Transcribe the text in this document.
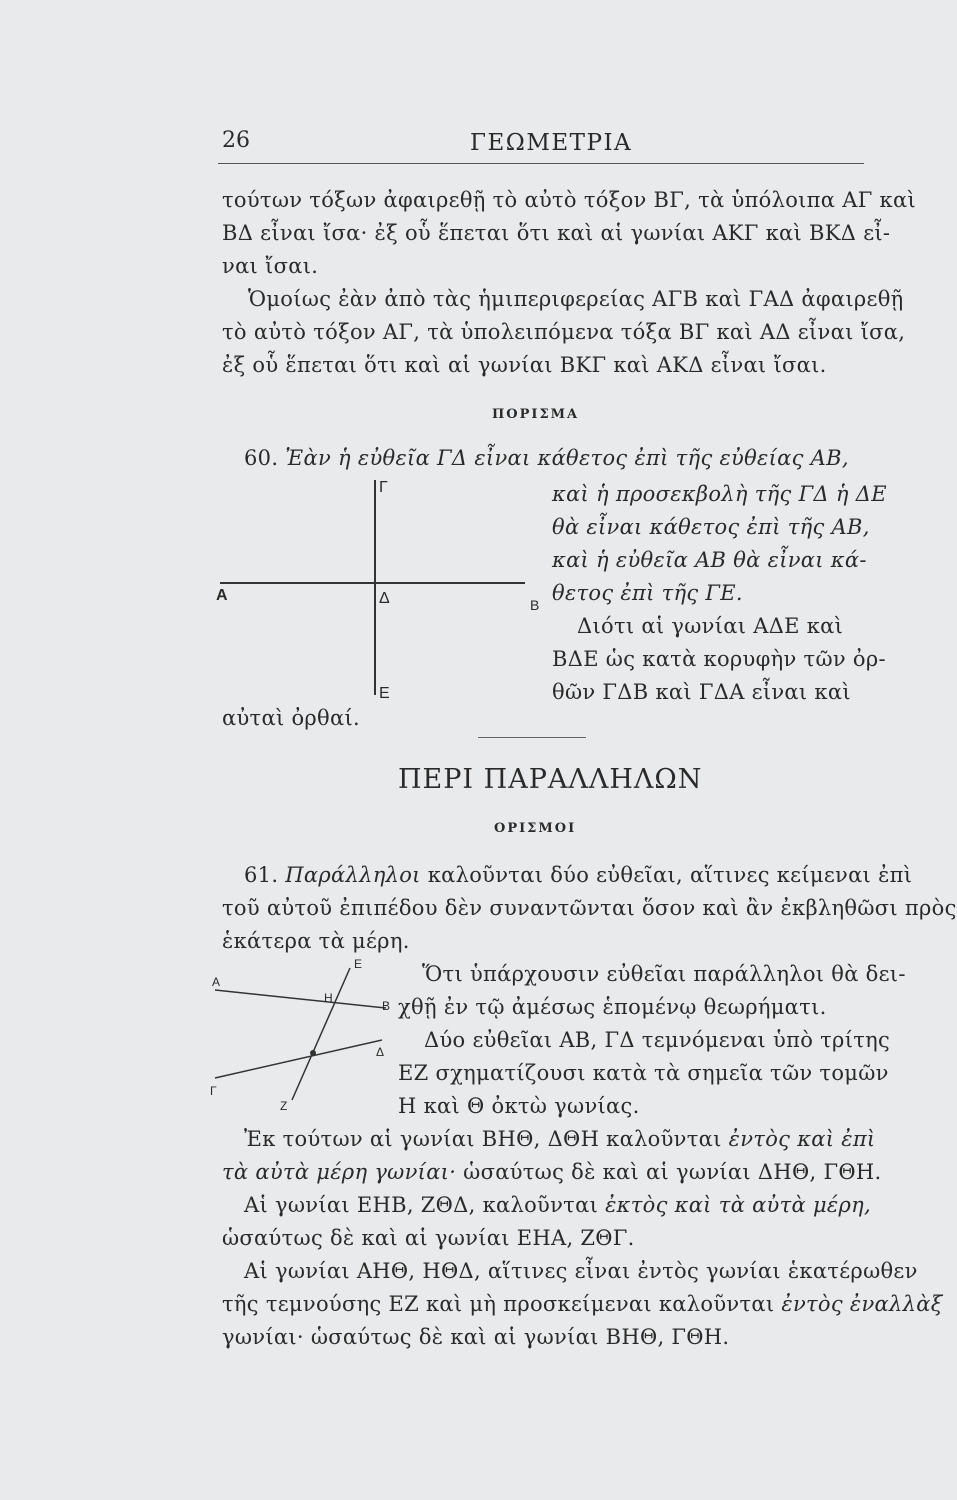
26	ΓΕΩΜΕΤΡΙΑ
τούτων τόξων ἀφαιρεθῇ τὸ αὐτὸ τόξον ΒΓ, τὰ ὑπόλοιπα ΑΓ καὶ
ΒΔ εἶναι ἴσα· ἐξ οὗ ἕπεται ὅτι καὶ αἱ γωνίαι ΑΚΓ καὶ ΒΚΔ εἶ-
ναι ἴσαι.
Ὁμοίως ἐὰν ἀπὸ τὰς ἡμιπεριφερείας ΑΓΒ καὶ ΓΑΔ ἀφαιρεθῇ
τὸ αὐτὸ τόξον ΑΓ, τὰ ὑπολειπόμενα τόξα ΒΓ καὶ ΑΔ εἶναι ἴσα,
ἐξ οὗ ἕπεται ὅτι καὶ αἱ γωνίαι ΒΚΓ καὶ ΑΚΔ εἶναι ἴσαι.
ΠΟΡΙΣΜΑ
60. Ἐὰν ἡ εὐθεῖα ΓΔ εἶναι κάθετος ἐπὶ τῆς εὐθείας ΑΒ,
καὶ ἡ προσεκβολὴ τῆς ΓΔ ἡ ΔΕ
θὰ εἶναι κάθετος ἐπὶ τῆς ΑΒ,
καὶ ἡ εὐθεῖα ΑΒ θὰ εἶναι κά-
θετος ἐπὶ τῆς ΓΕ.
Διότι αἱ γωνίαι ΑΔΕ καὶ
ΒΔΕ ὡς κατὰ κορυφὴν τῶν ὀρ-
θῶν ΓΔΒ καὶ ΓΔΑ εἶναι καὶ
αὐταὶ ὀρθαί.
Α
Β
Γ
Δ
Ε
ΠΕΡΙ ΠΑΡΑΛΛΗΛΩΝ
ΟΡΙΣΜΟΙ
61. Παράλληλοι καλοῦνται δύο εὐθεῖαι, αἵτινες κείμεναι ἐπὶ
τοῦ αὐτοῦ ἐπιπέδου δὲν συναντῶνται ὅσον καὶ ἂν ἐκβληθῶσι πρὸς
ἑκάτερα τὰ μέρη.
Ὅτι ὑπάρχουσιν εὐθεῖαι παράλληλοι θὰ δει-
χθῇ ἐν τῷ ἀμέσως ἑπομένῳ θεωρήματι.
Δύο εὐθεῖαι ΑΒ, ΓΔ τεμνόμεναι ὑπὸ τρίτης
ΕΖ σχηματίζουσι κατὰ τὰ σημεῖα τῶν τομῶν
Η καὶ Θ ὀκτὼ γωνίας.
Α
Β
Γ
Δ
Ε
Ζ
Η
Ἐκ τούτων αἱ γωνίαι ΒΗΘ, ΔΘΗ καλοῦνται ἐντὸς καὶ ἐπὶ
τὰ αὐτὰ μέρη γωνίαι· ὡσαύτως δὲ καὶ αἱ γωνίαι ΔΗΘ, ΓΘΗ.
Αἱ γωνίαι ΕΗΒ, ΖΘΔ, καλοῦνται ἐκτὸς καὶ τὰ αὐτὰ μέρη,
ὡσαύτως δὲ καὶ αἱ γωνίαι ΕΗΑ, ΖΘΓ.
Αἱ γωνίαι ΑΗΘ, ΗΘΔ, αἵτινες εἶναι ἐντὸς γωνίαι ἑκατέρωθεν
τῆς τεμνούσης ΕΖ καὶ μὴ προσκείμεναι καλοῦνται ἐντὸς ἐναλλὰξ
γωνίαι· ὡσαύτως δὲ καὶ αἱ γωνίαι ΒΗΘ, ΓΘΗ.
